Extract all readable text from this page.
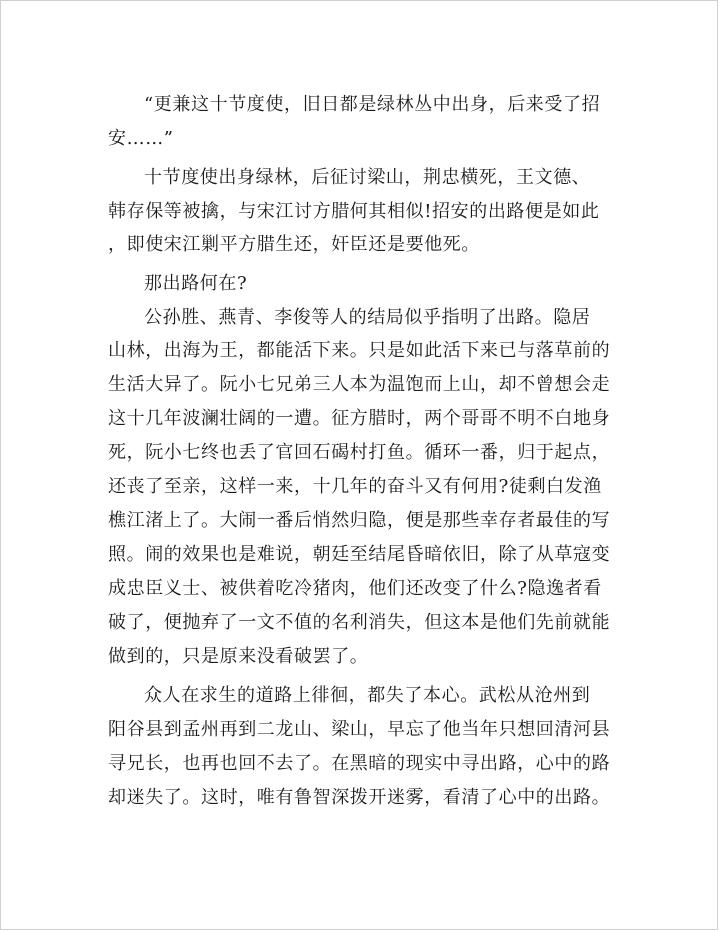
“更兼这十节度使，旧日都是绿林丛中出身，后来受了招
安……”
十节度使出身绿林，后征讨梁山，荆忠横死，王文德、
韩存保等被擒，与宋江讨方腊何其相似!招安的出路便是如此
，即使宋江剿平方腊生还，奸臣还是要他死。
那出路何在?
公孙胜、燕青、李俊等人的结局似乎指明了出路。隐居
山林，出海为王，都能活下来。只是如此活下来已与落草前的
生活大异了。阮小七兄弟三人本为温饱而上山，却不曾想会走
这十几年波澜壮阔的一遭。征方腊时，两个哥哥不明不白地身
死，阮小七终也丢了官回石碣村打鱼。循环一番，归于起点，
还丧了至亲，这样一来，十几年的奋斗又有何用?徒剩白发渔
樵江渚上了。大闹一番后悄然归隐，便是那些幸存者最佳的写
照。闹的效果也是难说，朝廷至结尾昏暗依旧，除了从草寇变
成忠臣义士、被供着吃冷猪肉，他们还改变了什么?隐逸者看
破了，便抛弃了一文不值的名利消失，但这本是他们先前就能
做到的，只是原来没看破罢了。
众人在求生的道路上徘徊，都失了本心。武松从沧州到
阳谷县到孟州再到二龙山、梁山，早忘了他当年只想回清河县
寻兄长，也再也回不去了。在黑暗的现实中寻出路，心中的路
却迷失了。这时，唯有鲁智深拨开迷雾，看清了心中的出路。
